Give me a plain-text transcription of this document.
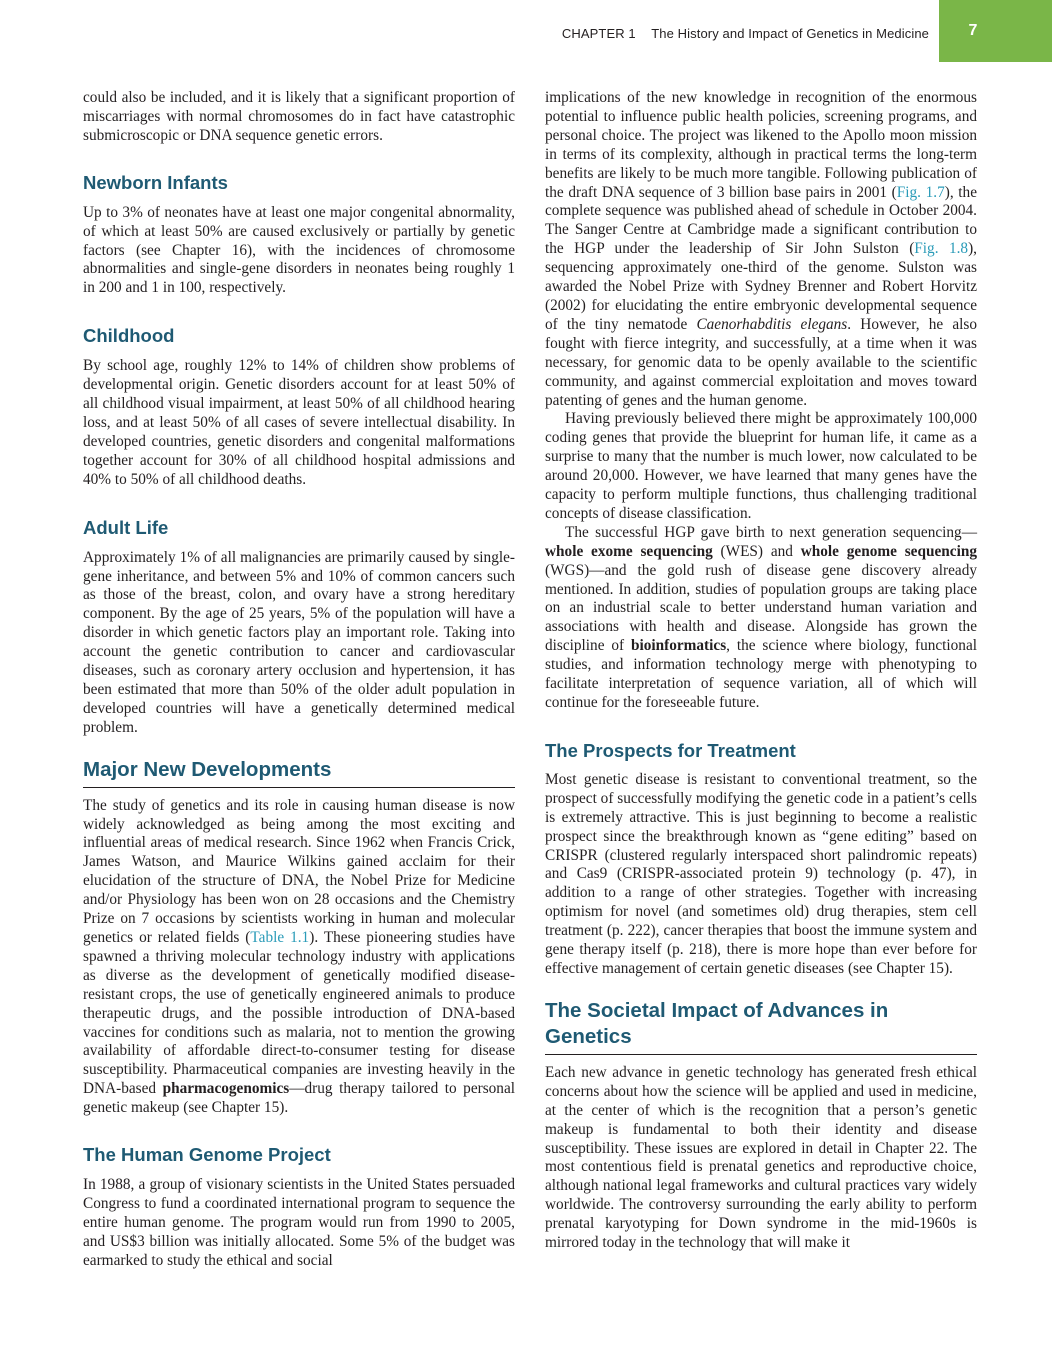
CHAPTER 1 The History and Impact of Genetics in Medicine	7

could also be included, and it is likely that a significant proportion of miscarriages with normal chromosomes do in fact have catastrophic submicroscopic or DNA sequence genetic errors.

Newborn Infants

Up to 3% of neonates have at least one major congenital abnormality, of which at least 50% are caused exclusively or partially by genetic factors (see Chapter 16), with the incidences of chromosome abnormalities and single-gene disorders in neonates being roughly 1 in 200 and 1 in 100, respectively.

Childhood

By school age, roughly 12% to 14% of children show problems of developmental origin. Genetic disorders account for at least 50% of all childhood visual impairment, at least 50% of all childhood hearing loss, and at least 50% of all cases of severe intellectual disability. In developed countries, genetic disorders and congenital malformations together account for 30% of all childhood hospital admissions and 40% to 50% of all childhood deaths.

Adult Life

Approximately 1% of all malignancies are primarily caused by single-gene inheritance, and between 5% and 10% of common cancers such as those of the breast, colon, and ovary have a strong hereditary component. By the age of 25 years, 5% of the population will have a disorder in which genetic factors play an important role. Taking into account the genetic contribution to cancer and cardiovascular diseases, such as coronary artery occlusion and hypertension, it has been estimated that more than 50% of the older adult population in developed countries will have a genetically determined medical problem.

Major New Developments

The study of genetics and its role in causing human disease is now widely acknowledged as being among the most exciting and influential areas of medical research. Since 1962 when Francis Crick, James Watson, and Maurice Wilkins gained acclaim for their elucidation of the structure of DNA, the Nobel Prize for Medicine and/or Physiology has been won on 28 occasions and the Chemistry Prize on 7 occasions by scientists working in human and molecular genetics or related fields (Table 1.1). These pioneering studies have spawned a thriving molecular technology industry with applications as diverse as the development of genetically modified disease-resistant crops, the use of genetically engineered animals to produce therapeutic drugs, and the possible introduction of DNA-based vaccines for conditions such as malaria, not to mention the growing availability of affordable direct-to-consumer testing for disease susceptibility. Pharmaceutical companies are investing heavily in the DNA-based pharmacogenomics—drug therapy tailored to personal genetic makeup (see Chapter 15).

The Human Genome Project

In 1988, a group of visionary scientists in the United States persuaded Congress to fund a coordinated international program to sequence the entire human genome. The program would run from 1990 to 2005, and US$3 billion was initially allocated. Some 5% of the budget was earmarked to study the ethical and social

implications of the new knowledge in recognition of the enormous potential to influence public health policies, screening programs, and personal choice. The project was likened to the Apollo moon mission in terms of its complexity, although in practical terms the long-term benefits are likely to be much more tangible. Following publication of the draft DNA sequence of 3 billion base pairs in 2001 (Fig. 1.7), the complete sequence was published ahead of schedule in October 2004. The Sanger Centre at Cambridge made a significant contribution to the HGP under the leadership of Sir John Sulston (Fig. 1.8), sequencing approximately one-third of the genome. Sulston was awarded the Nobel Prize with Sydney Brenner and Robert Horvitz (2002) for elucidating the entire embryonic developmental sequence of the tiny nematode Caenorhabditis elegans. However, he also fought with fierce integrity, and successfully, at a time when it was necessary, for genomic data to be openly available to the scientific community, and against commercial exploitation and moves toward patenting of genes and the human genome.

Having previously believed there might be approximately 100,000 coding genes that provide the blueprint for human life, it came as a surprise to many that the number is much lower, now calculated to be around 20,000. However, we have learned that many genes have the capacity to perform multiple functions, thus challenging traditional concepts of disease classification.

The successful HGP gave birth to next generation sequencing—whole exome sequencing (WES) and whole genome sequencing (WGS)—and the gold rush of disease gene discovery already mentioned. In addition, studies of population groups are taking place on an industrial scale to better understand human variation and associations with health and disease. Alongside has grown the discipline of bioinformatics, the science where biology, functional studies, and information technology merge with phenotyping to facilitate interpretation of sequence variation, all of which will continue for the foreseeable future.

The Prospects for Treatment

Most genetic disease is resistant to conventional treatment, so the prospect of successfully modifying the genetic code in a patient’s cells is extremely attractive. This is just beginning to become a realistic prospect since the breakthrough known as “gene editing” based on CRISPR (clustered regularly interspaced short palindromic repeats) and Cas9 (CRISPR-associated protein 9) technology (p. 47), in addition to a range of other strategies. Together with increasing optimism for novel (and sometimes old) drug therapies, stem cell treatment (p. 222), cancer therapies that boost the immune system and gene therapy itself (p. 218), there is more hope than ever before for effective management of certain genetic diseases (see Chapter 15).

The Societal Impact of Advances in Genetics

Each new advance in genetic technology has generated fresh ethical concerns about how the science will be applied and used in medicine, at the center of which is the recognition that a person’s genetic makeup is fundamental to both their identity and disease susceptibility. These issues are explored in detail in Chapter 22. The most contentious field is prenatal genetics and reproductive choice, although national legal frameworks and cultural practices vary widely worldwide. The controversy surrounding the early ability to perform prenatal karyotyping for Down syndrome in the mid-1960s is mirrored today in the technology that will make it
